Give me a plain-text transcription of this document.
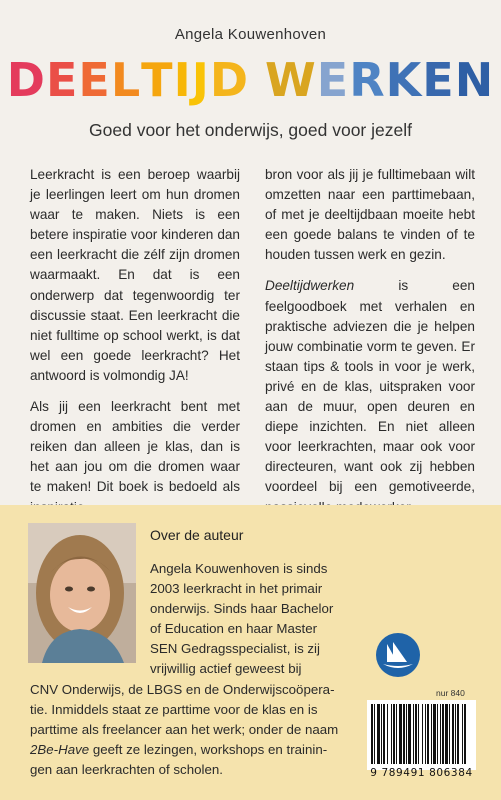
Angela Kouwenhoven
DEELTIJD WERKEN
Goed voor het onderwijs, goed voor jezelf

Leerkracht is een beroep waarbij je leerlingen leert om hun dromen waar te maken. Niets is een betere inspiratie voor kinderen dan een leerkracht die zélf zijn dromen waarmaakt. En dat is een onderwerp dat tegenwoordig ter discussie staat. Een leerkracht die niet fulltime op school werkt, is dat wel een goede leerkracht? Het antwoord is volmondig JA!

Als jij een leerkracht bent met dromen en ambities die verder reiken dan alleen je klas, dan is het aan jou om die dromen waar te maken! Dit boek is bedoeld als

bron voor als jij je fulltimebaan wilt omzetten naar een parttimebaan, of met je deeltijdbaan moeite hebt een goede balans te vinden of te houden tussen werk en gezin.

Deeltijdwerken	is een feelgoodboek met verhalen en praktische adviezen die je helpen jouw combinatie vorm te geven. Er staan tips & tools in voor je werk, privé en de klas, uitspraken voor aan de muur, open deuren en diepe inzichten. En niet alleen voor leerkrachten, maar ook voor directeuren, want ook zij hebben voordeel bij een gemotiveerde,

Over de auteur
Angela Kouwenhoven is sinds
2003 leerkracht in het primair
onderwijs. Sinds haar Bachelor
of Education en haar Master
SEN Gedragsspecialist, is zij
vrijwillig actief geweest bij
CNV Onderwijs, de LBGS en de Onderwijscoöpera-
tie. Inmiddels staat ze parttime voor de klas en is
parttime als freelancer aan het werk; onder de naam
2Be-Have geeft ze lezingen, workshops en trainin-
gen aan leerkrachten of scholen.
nur 840
9 789491 806384
